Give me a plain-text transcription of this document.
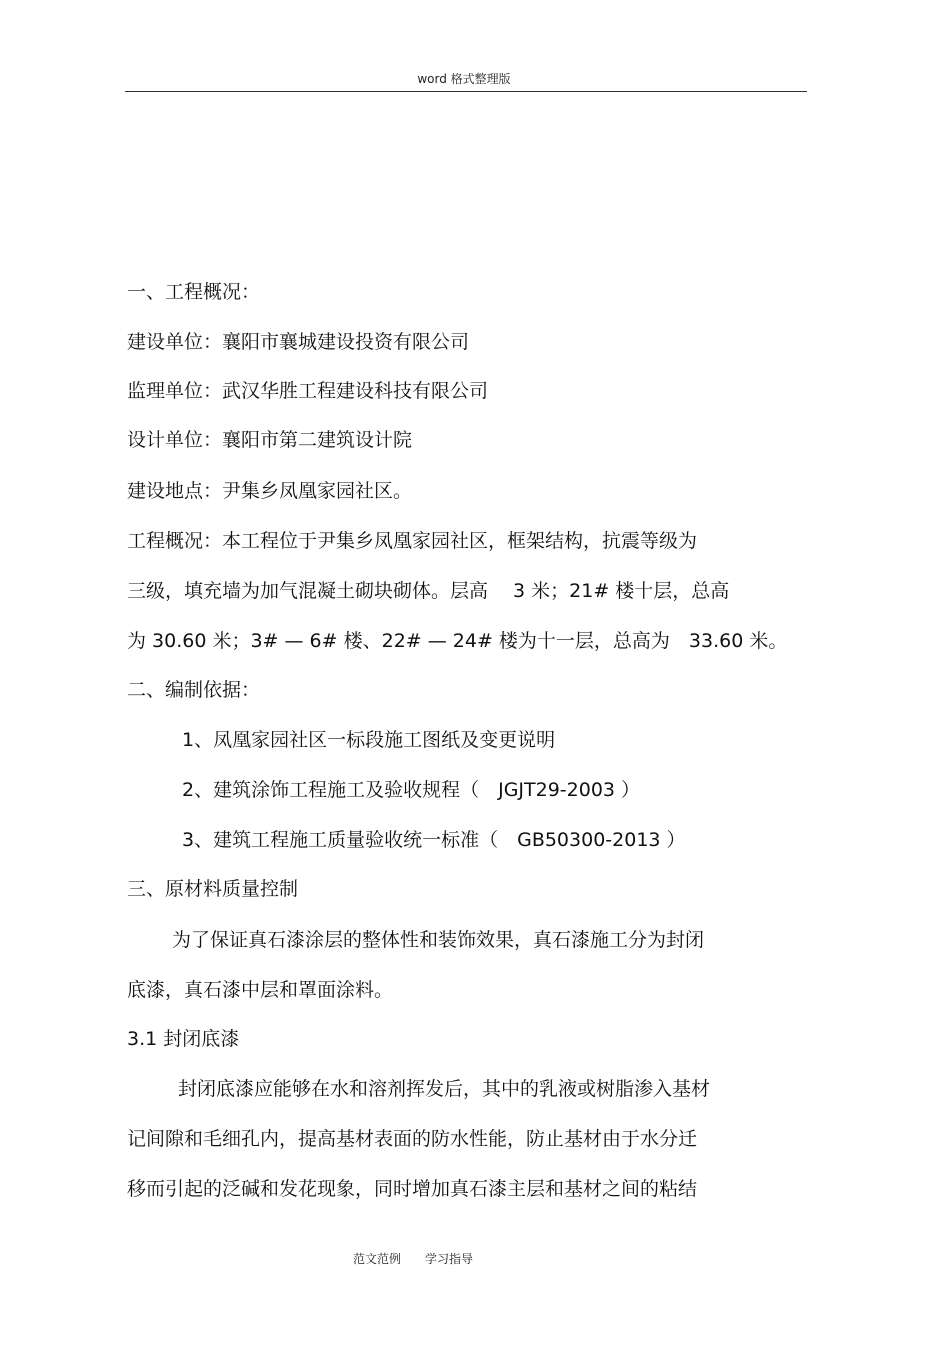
word 格式整理版
一、工程概况：
建设单位：襄阳市襄城建设投资有限公司
监理单位：武汉华胜工程建设科技有限公司
设计单位：襄阳市第二建筑设计院
建设地点：尹集乡凤凰家园社区。
工程概况：本工程位于尹集乡凤凰家园社区，框架结构，抗震等级为
三级，填充墙为加气混凝土砌块砌体。层高　 3 米；21# 楼十层，总高
为 30.60 米；3# — 6# 楼、22# — 24# 楼为十一层，总高为　33.60 米。
二、编制依据：
1、凤凰家园社区一标段施工图纸及变更说明
2、建筑涂饰工程施工及验收规程（　JGJT29-2003 ）
3、建筑工程施工质量验收统一标准（　GB50300-2013 ）
三、原材料质量控制
为了保证真石漆涂层的整体性和装饰效果，真石漆施工分为封闭
底漆，真石漆中层和罩面涂料。
3.1 封闭底漆
封闭底漆应能够在水和溶剂挥发后，其中的乳液或树脂渗入基材
记间隙和毛细孔内，提高基材表面的防水性能，防止基材由于水分迁
移而引起的泛碱和发花现象，同时增加真石漆主层和基材之间的粘结
范文范例　　学习指导
